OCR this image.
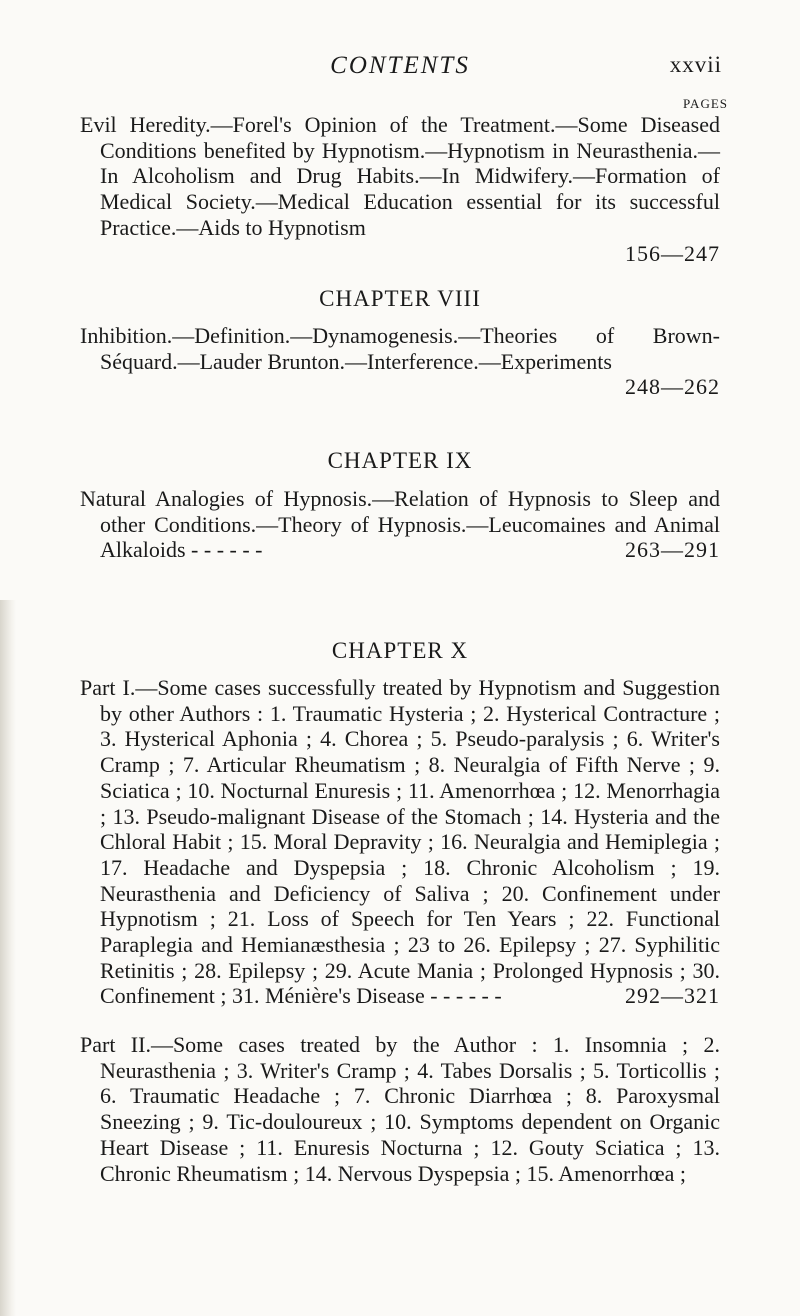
CONTENTS	xxvii
PAGES

Evil Heredity.—Forel's Opinion of the Treatment.—Some Diseased Conditions benefited by Hypnotism.—Hypnotism in Neurasthenia.—In Alcoholism and Drug Habits.—In Midwifery.—Formation of Medical Society.—Medical Education essential for its successful Practice.—Aids to Hypnotism

156—247
CHAPTER VIII

Inhibition.—Definition.—Dynamogenesis.—Theories of Brown-Séquard.—Lauder Brunton.—Interference.—Experiments

248—262
CHAPTER IX

Natural Analogies of Hypnosis.—Relation of Hypnosis to Sleep and other Conditions.—Theory of Hypnosis.—Leucomaines and Animal Alkaloids - - - - - -	263—291

CHAPTER X

Part I.—Some cases successfully treated by Hypnotism and Suggestion by other Authors : 1. Traumatic Hysteria ; 2. Hysterical Contracture ; 3. Hysterical Aphonia ; 4. Chorea ; 5. Pseudo-paralysis ; 6. Writer's Cramp ; 7. Articular Rheumatism ; 8. Neuralgia of Fifth Nerve ; 9. Sciatica ; 10. Nocturnal Enuresis ; 11. Amenorrhœa ; 12. Menorrhagia ; 13. Pseudo-malignant Disease of the Stomach ; 14. Hysteria and the Chloral Habit ; 15. Moral Depravity ; 16. Neuralgia and Hemiplegia ; 17. Headache and Dyspepsia ; 18. Chronic Alcoholism ; 19. Neurasthenia and Deficiency of Saliva ; 20. Confinement under Hypnotism ; 21. Loss of Speech for Ten Years ; 22. Functional Paraplegia and Hemianæsthesia ; 23 to 26. Epilepsy ; 27. Syphilitic Retinitis ; 28. Epilepsy ; 29. Acute Mania ; Prolonged Hypnosis ; 30. Confinement ; 31. Ménière's Disease - - - - - -	292—321

Part II.—Some cases treated by the Author : 1. Insomnia ; 2. Neurasthenia ; 3. Writer's Cramp ; 4. Tabes Dorsalis ; 5. Torticollis ; 6. Traumatic Headache ; 7. Chronic Diarrhœa ; 8. Paroxysmal Sneezing ; 9. Tic-douloureux ; 10. Symptoms dependent on Organic Heart Disease ; 11. Enuresis Nocturna ; 12. Gouty Sciatica ; 13. Chronic Rheumatism ; 14. Nervous Dyspepsia ; 15. Amenorrhœa ;
